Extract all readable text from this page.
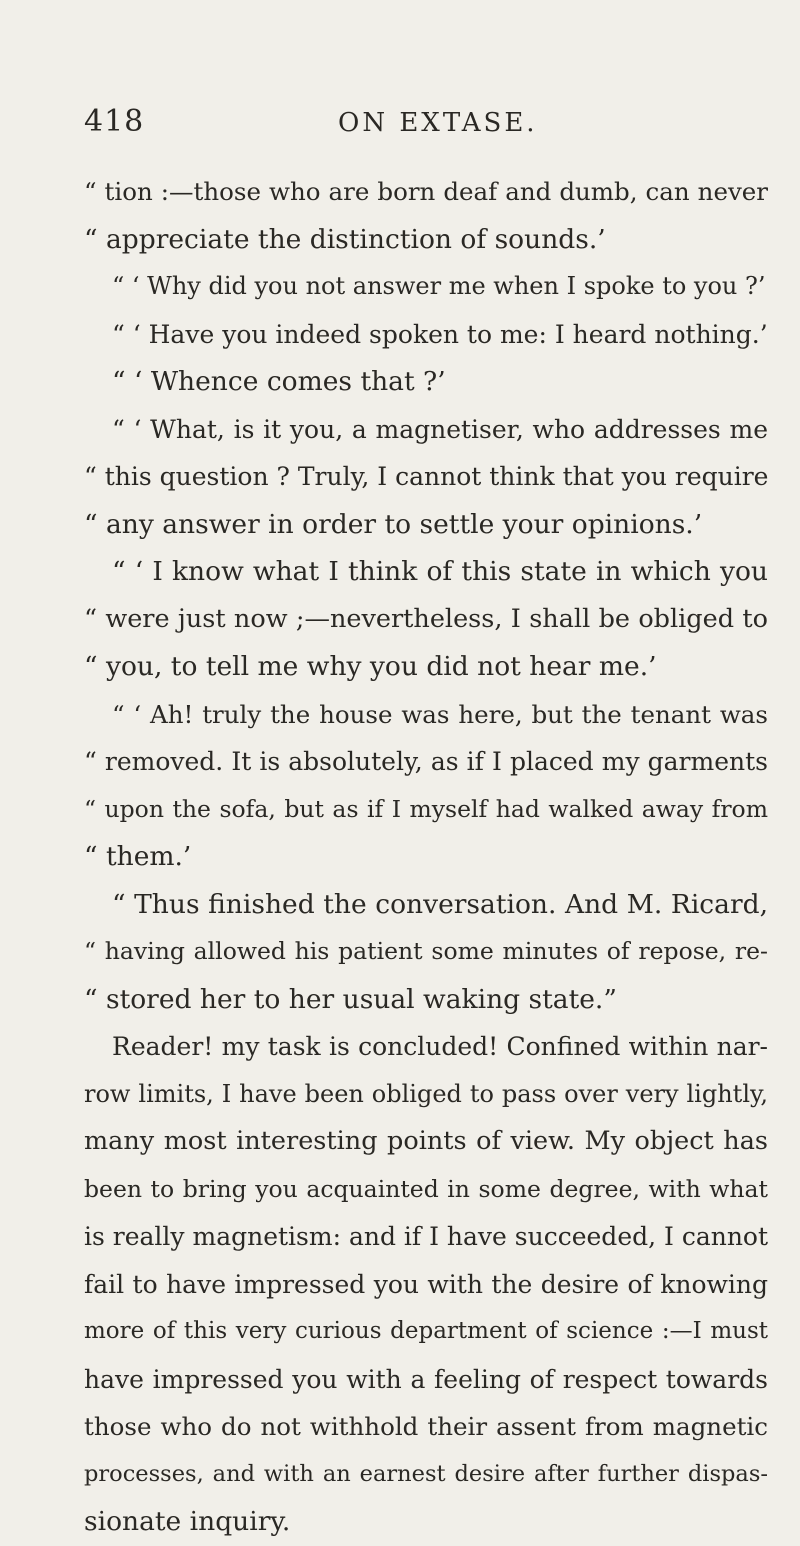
418	ON EXTASE.
“ tion :—those who are born deaf and dumb, can never
“ appreciate the distinction of sounds.’
“ ‘ Why did you not answer me when I spoke to you ?’
“ ‘ Have you indeed spoken to me: I heard nothing.’
“ ‘ Whence comes that ?’
“ ‘ What, is it you, a magnetiser, who addresses me
“ this question ? Truly, I cannot think that you require
“ any answer in order to settle your opinions.’
“ ‘ I know what I think of this state in which you
“ were just now ;—nevertheless, I shall be obliged to
“ you, to tell me why you did not hear me.’
“ ‘ Ah! truly the house was here, but the tenant was
“ removed. It is absolutely, as if I placed my garments
“ upon the sofa, but as if I myself had walked away from
“ them.’
“ Thus finished the conversation. And M. Ricard,
“ having allowed his patient some minutes of repose, re-
“ stored her to her usual waking state.”
Reader! my task is concluded! Confined within nar-
row limits, I have been obliged to pass over very lightly,
many most interesting points of view. My object has
been to bring you acquainted in some degree, with what
is really magnetism: and if I have succeeded, I cannot
fail to have impressed you with the desire of knowing
more of this very curious department of science :—I must
have impressed you with a feeling of respect towards
those who do not withhold their assent from magnetic
processes, and with an earnest desire after further dispas-
sionate inquiry.
